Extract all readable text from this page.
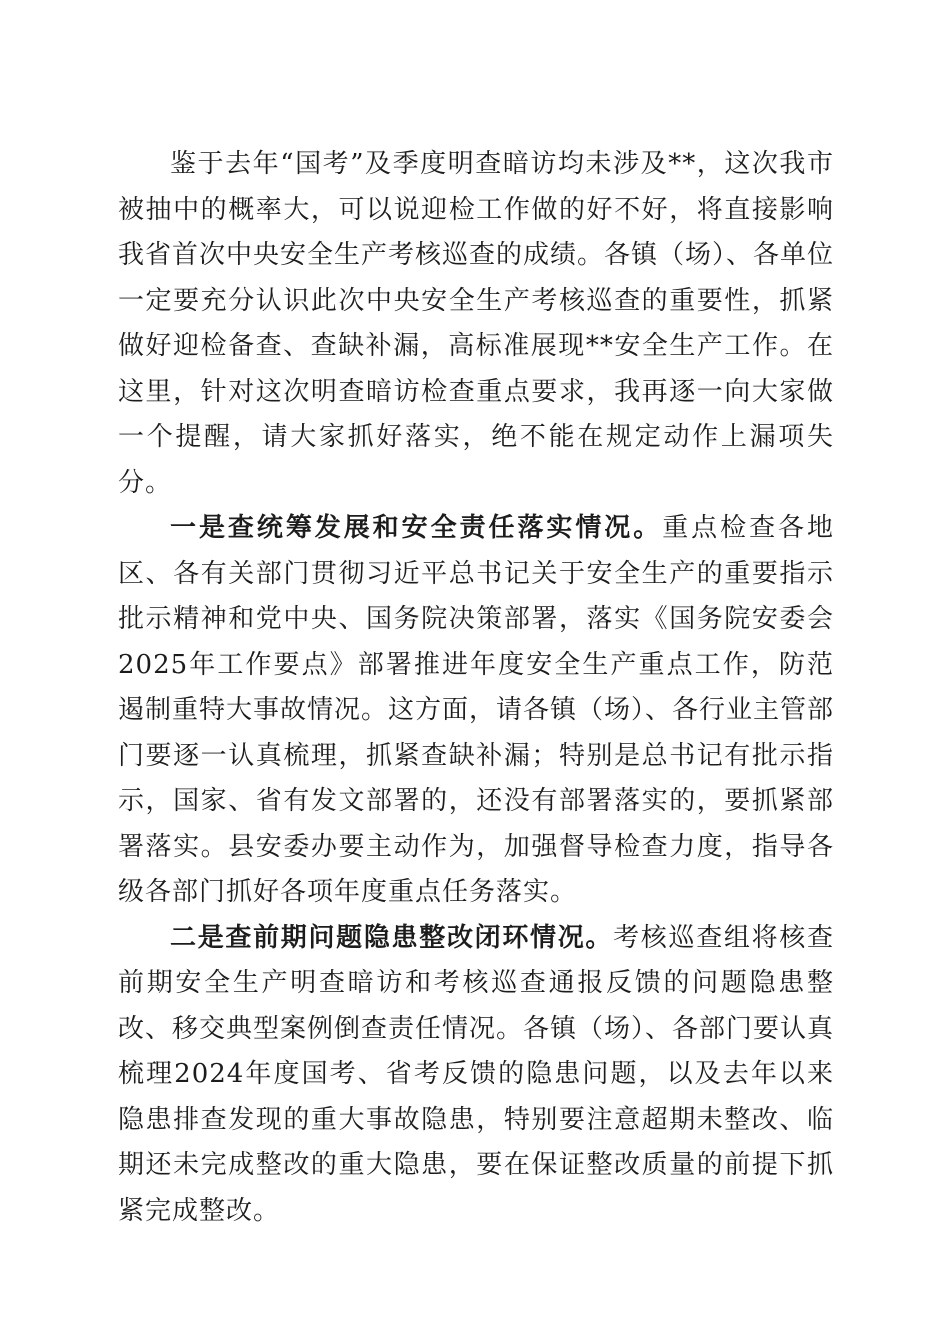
鉴于去年“国考”及季度明查暗访均未涉及**，这次我市被抽中的概率大，可以说迎检工作做的好不好，将直接影响我省首次中央安全生产考核巡查的成绩。各镇（场）、各单位一定要充分认识此次中央安全生产考核巡查的重要性，抓紧做好迎检备查、查缺补漏，高标准展现**安全生产工作。在这里，针对这次明查暗访检查重点要求，我再逐一向大家做一个提醒，请大家抓好落实，绝不能在规定动作上漏项失分。

一是查统筹发展和安全责任落实情况。重点检查各地区、各有关部门贯彻习近平总书记关于安全生产的重要指示批示精神和党中央、国务院决策部署，落实《国务院安委会2025年工作要点》部署推进年度安全生产重点工作，防范遏制重特大事故情况。这方面，请各镇（场）、各行业主管部门要逐一认真梳理，抓紧查缺补漏；特别是总书记有批示指示，国家、省有发文部署的，还没有部署落实的，要抓紧部署落实。县安委办要主动作为，加强督导检查力度，指导各级各部门抓好各项年度重点任务落实。

二是查前期问题隐患整改闭环情况。考核巡查组将核查前期安全生产明查暗访和考核巡查通报反馈的问题隐患整改、移交典型案例倒查责任情况。各镇（场）、各部门要认真梳理2024年度国考、省考反馈的隐患问题，以及去年以来隐患排查发现的重大事故隐患，特别要注意超期未整改、临期还未完成整改的重大隐患，要在保证整改质量的前提下抓紧完成整改。
